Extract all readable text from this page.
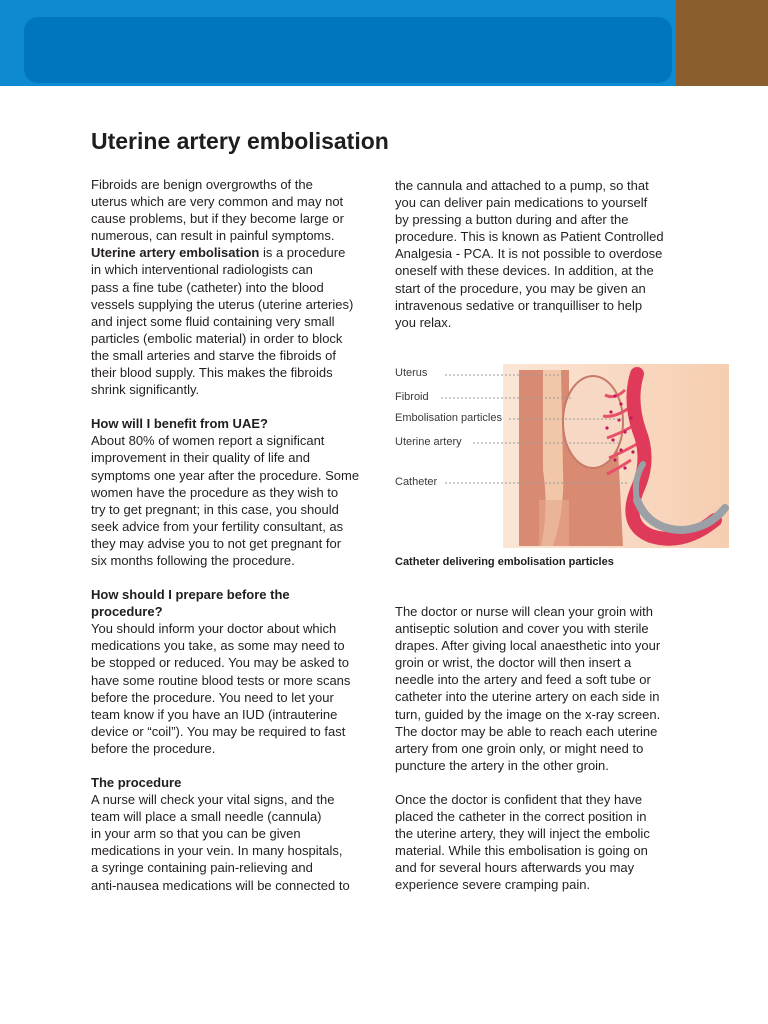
Uterine artery embolisation

Fibroids are benign overgrowths of the
uterus which are very common and may not
cause problems, but if they become large or
numerous, can result in painful symptoms.
Uterine artery embolisation is a procedure
in which interventional radiologists can
pass a fine tube (catheter) into the blood
vessels supplying the uterus (uterine arteries)
and inject some fluid containing very small
particles (embolic material) in order to block
the small arteries and starve the fibroids of
their blood supply. This makes the fibroids
shrink significantly.

How will I benefit from UAE?

About 80% of women report a significant
improvement in their quality of life and
symptoms one year after the procedure. Some
women have the procedure as they wish to
try to get pregnant; in this case, you should
seek advice from your fertility consultant, as
they may advise you to not get pregnant for
six months following the procedure.

How should I prepare before the
procedure?

You should inform your doctor about which
medications you take, as some may need to
be stopped or reduced. You may be asked to
have some routine blood tests or more scans
before the procedure. You need to let your
team know if you have an IUD (intrauterine
device or “coil”). You may be required to fast
before the procedure.

The procedure

A nurse will check your vital signs, and the
team will place a small needle (cannula)
in your arm so that you can be given
medications in your vein. In many hospitals,
a syringe containing pain-relieving and
anti-nausea medications will be connected to

the cannula and attached to a pump, so that
you can deliver pain medications to yourself
by pressing a button during and after the
procedure. This is known as Patient Controlled
Analgesia - PCA. It is not possible to overdose
oneself with these devices. In addition, at the
start of the procedure, you may be given an
intravenous sedative or tranquilliser to help
you relax.

Uterus
Fibroid
Embolisation particles
Uterine artery
Catheter

Catheter delivering embolisation particles

The doctor or nurse will clean your groin with
antiseptic solution and cover you with sterile
drapes. After giving local anaesthetic into your
groin or wrist, the doctor will then insert a
needle into the artery and feed a soft tube or
catheter into the uterine artery on each side in
turn, guided by the image on the x-ray screen.
The doctor may be able to reach each uterine
artery from one groin only, or might need to
puncture the artery in the other groin.

Once the doctor is confident that they have
placed the catheter in the correct position in
the uterine artery, they will inject the embolic
material. While this embolisation is going on
and for several hours afterwards you may
experience severe cramping pain.
